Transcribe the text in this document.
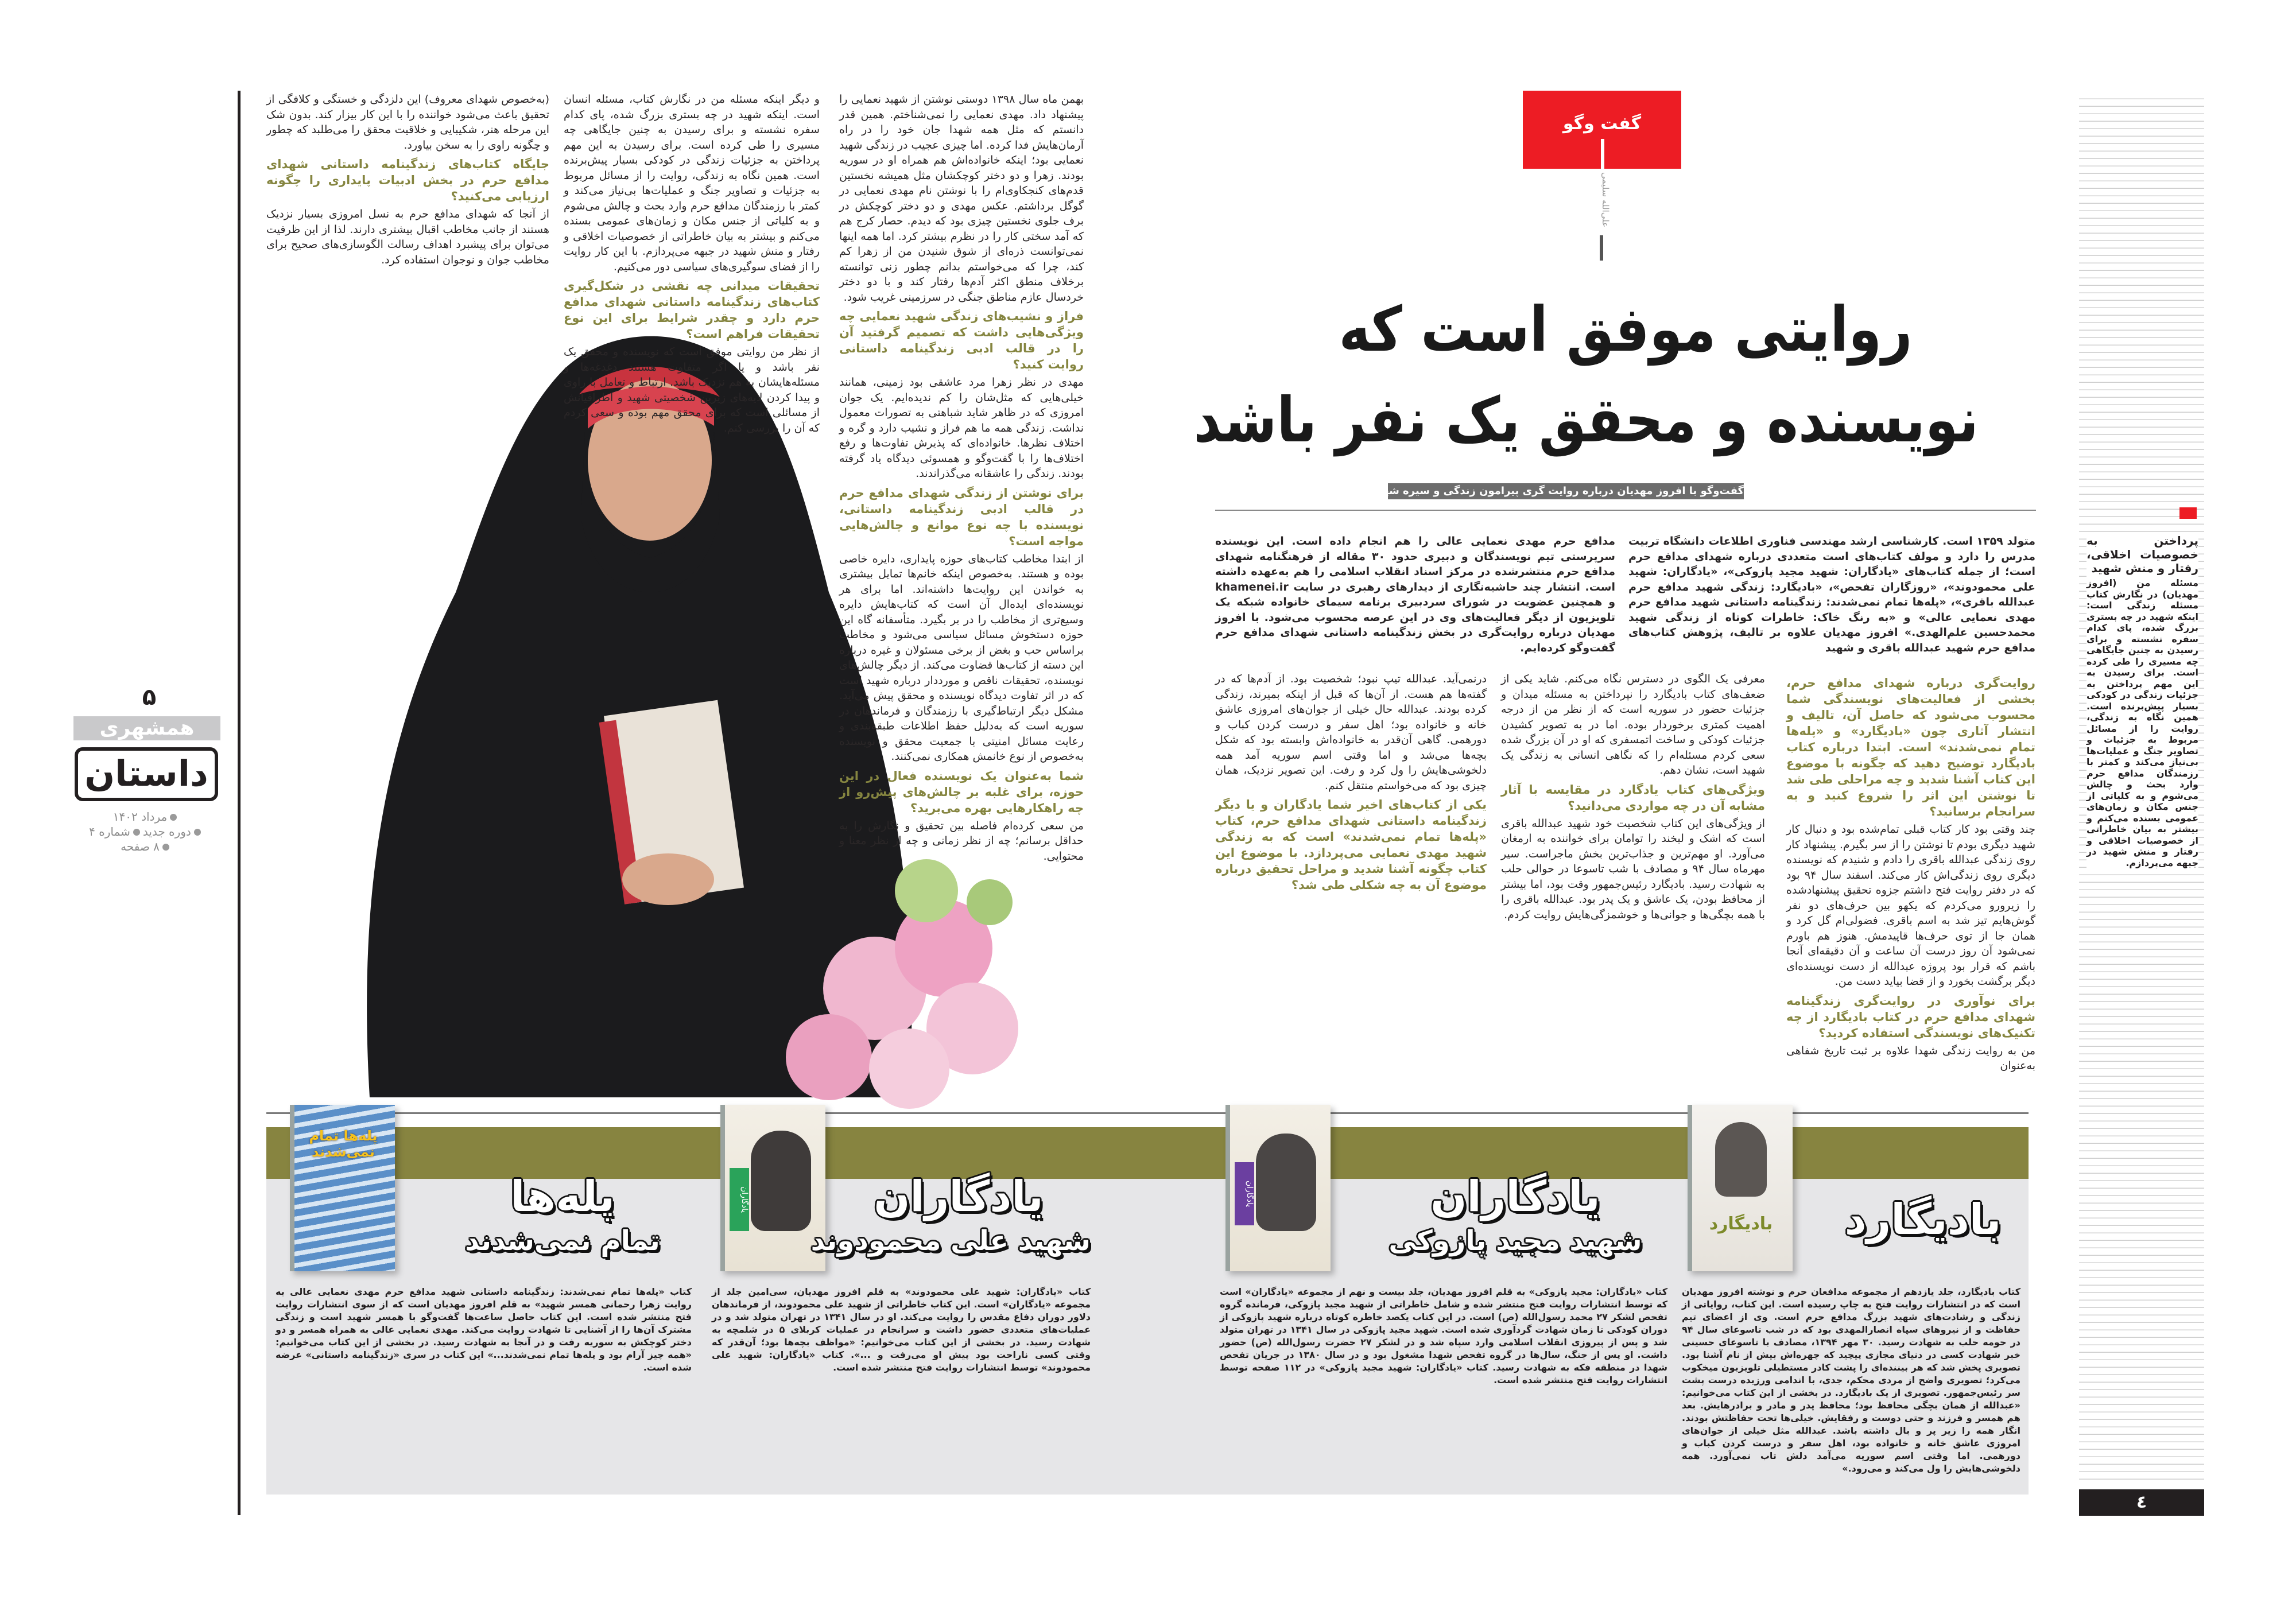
۵
همشهری
داستان
مرداد ۱۴۰۲
دوره جدیدشماره ۴
۸ صفحه
گفت وگو
علی‌الله سلیمی
روایتی موفق است که
نویسنده و محقق یک نفر باشد
گفت‌وگو با افروز مهدیان درباره روایت گری پیرامون زندگی و سیره شهدای مدافع حرم

متولد ۱۳۵۹ است. کارشناسی ارشد مهندسی فناوری اطلاعات دانشگاه تربیت مدرس را دارد و مولف کتاب‌های است متعددی درباره شهدای مدافع حرم است؛ از جمله کتاب‌های «یادگاران: شهید مجید پازوکی»، «یادگاران: شهید علی محمودوند»، «روزگاران تفحص»، «بادیگارد: زندگی شهید مدافع حرم عبدالله باقری»، «پله‌ها تمام نمی‌شدند: زندگینامه داستانی شهید مدافع حرم مهدی نعمایی عالی» و «به رنگ خاک: خاطرات کوتاه از زندگی شهید محمدحسین علم‌الهدی.» افروز مهدیان علاوه بر تالیف، پژوهش کتاب‌های مدافع حرم شهید عبدالله باقری و شهید

مدافع حرم مهدی نعمایی عالی را هم انجام داده است. این نویسنده سرپرستی تیم نویسندگان و دبیری حدود ۳۰ مقاله از فرهنگنامه شهدای مدافع حرم منتشرشده در مرکز اسناد انقلاب اسلامی را هم به‌عهده داشته است. انتشار چند حاشیه‌نگاری از دیدارهای رهبری در سایت khamenei.ir و همچنین عضویت در شورای سردبیری برنامه سیمای خانواده شبکه یک تلویزیون از دیگر فعالیت‌های وی در این عرصه محسوب می‌شود. با افروز مهدیان درباره روایت‌گری در بخش زندگینامه داستانی شهدای مدافع حرم گفت‌وگو کرده‌ایم.

روایت‌گری درباره شهدای مدافع حرم، بخشی از فعالیت‌های نویسندگی شما محسوب می‌شود که حاصل آن، تالیف و انتشار آثاری چون «بادیگارد» و «پله‌ها تمام نمی‌شدند» است. ابتدا درباره کتاب بادیگارد توضیح دهید که چگونه با موضوع این کتاب آشنا شدید و چه مراحلی طی شد تا نوشتن این اثر را شروع کنید و به سرانجام برسانید؟

چند وقتی بود کار کتاب قبلی تمام‌شده بود و دنبال کار شهید دیگری بودم تا نوشتن را از سر بگیرم. پیشنهاد کار روی زندگی عبدالله باقری را دادم و شنیدم که نویسنده دیگری روی زندگی‌اش کار می‌کند. اسفند سال ۹۴ بود که در دفتر روایت فتح داشتم جزوه تحقیق پیشنهادشده را زیرورو می‌کردم که یکهو بین حرف‌های دو نفر گوش‌هایم تیز شد به اسم باقری. فضولی‌ام گل کرد و همان جا از توی حرف‌ها قاپیدمش. هنوز هم باورم نمی‌شود آن روز درست آن ساعت و آن دقیقه‌ای آنجا باشم که قرار بود پروژه عبدالله از دست نویسنده‌ای دیگر برگشت بخورد و از قضا بیاید دست من.

برای نوآوری در روایت‌گری زندگینامه شهدای مدافع حرم در کتاب بادیگارد از چه تکنیک‌های نویسندگی استفاده کردید؟

من به روایت زندگی شهدا علاوه بر ثبت تاریخ شفاهی به‌عنوان

معرفی یک الگوی در دسترس نگاه می‌کنم. شاید یکی از ضعف‌های کتاب بادیگارد را نپرداختن به مسئله میدان و جزئیات حضور در سوریه است که از نظر من از درجه اهمیت کمتری برخوردار بوده. اما در به تصویر کشیدن جزئیات کودکی و ساخت اتمسفری که او در آن بزرگ شده سعی کردم مسئله‌ام را که نگاهی انسانی به زندگی یک شهید است، نشان دهم.

ویژگی‌های کتاب یادگارد در مقایسه با آثار مشابه آن در چه مواردی می‌دانید؟

از ویژگی‌های این کتاب شخصیت خود شهید عبدالله باقری است که اشک و لبخند را توامان برای خواننده به ارمغان می‌آورد. او مهم‌ترین و جذاب‌ترین بخش ماجراست. سیر مهرماه سال ۹۴ و مصادف با شب تاسوعا در حوالی حلب به شهادت رسید. بادیگارد رئیس‌جمهور وقت بود، اما بیشتر از محافظ بودن، یک عاشق و یک پدر بود. عبدالله باقری را با همه بچگی‌ها و جوانی‌ها و خوشمزگی‌هایش روایت کردم.

درنمی‌آید. عبدالله تیپ نبود؛ شخصیت بود. از آدم‌ها که در گفته‌ها هم هست. از آن‌ها که قبل از اینکه بمیرند، زندگی کرده بودند. عبدالله حال خیلی از جوان‌های امروزی عاشق خانه و خانواده بود؛ اهل سفر و درست کردن کباب و دورهمی. گاهی آن‌قدر به خانواده‌اش وابسته بود که شکل بچه‌ها می‌شد و اما وقتی اسم سوریه آمد همه دلخوشی‌هایش را ول کرد و رفت. این تصویر نزدیک، همان چیزی بود که می‌خواستم منتقل کنم.

یکی از کتاب‌های اخیر شما یادگاران و یا دیگر زندگینامه داستانی شهدای مدافع حرم، کتاب «پله‌ها تمام نمی‌شدند» است که به زندگی شهید مهدی نعمایی می‌پردازد. با موضوع این کتاب چگونه آشنا شدید و مراحل تحقیق درباره موضوع آن به چه شکلی طی شد؟

بهمن ماه سال ۱۳۹۸ دوستی نوشتن از شهید نعمایی را پیشنهاد داد. مهدی نعمایی را نمی‌شناختم. همین قدر دانستم که مثل همه شهدا جان خود را در راه آرمان‌هایش فدا کرده. اما چیزی عجیب در زندگی شهید نعمایی بود؛ اینکه خانواده‌اش هم همراه او در سوریه بودند. زهرا و دو دختر کوچکشان مثل همیشه نخستین قدم‌های کنجکاوی‌ام را با نوشتن نام مهدی نعمایی در گوگل برداشتم. عکس مهدی و دو دختر کوچکش در برف جلوی نخستین چیزی بود که دیدم. حصار کرج هم که آمد سختی کار را در نظرم بیشتر کرد. اما همه اینها نمی‌توانست ذره‌ای از شوق شنیدن من از زهرا کم کند، چرا که می‌خواستم بدانم چطور زنی توانسته برخلاف منطق اکثر آدم‌ها رفتار کند و با دو دختر خردسال عازم مناطق جنگی در سرزمینی غریب شود.

فراز و نشیب‌های زندگی شهید نعمایی چه ویژگی‌هایی داشت که تصمیم گرفتید آن را در قالب ادبی زندگینامه داستانی روایت کنید؟

مهدی در نظر زهرا مرد عاشقی بود زمینی، همانند خیلی‌هایی که مثل‌شان را کم ندیده‌ایم. یک جوان امروزی که در ظاهر شاید شباهتی به تصورات معمول نداشت. زندگی همه ما هم فراز و نشیب دارد و گره و اختلاف نظرها. خانواده‌ای که پذیرش تفاوت‌ها و رفع اختلاف‌ها را با گفت‌وگو و همسوئی دیدگاه یاد گرفته بودند. زندگی را عاشقانه می‌گذراندند.

برای نوشتن از زندگی شهدای مدافع حرم در قالب ادبی زندگینامه داستانی، نویسنده با چه نوع موانع و چالش‌هایی مواجه است؟

از ابتدا مخاطب کتاب‌های حوزه پایداری، دایره خاصی بوده و هستند. به‌خصوص اینکه خانم‌ها تمایل بیشتری به خواندن این روایت‌ها داشته‌اند. اما برای هر نویسنده‌ای ایده‌ال آن است که کتاب‌هایش دایره وسیع‌تری از مخاطب را در بر بگیرد. متأسفانه گاه این حوزه دستخوش مسائل سیاسی می‌شود و مخاطب براساس حب و بغض از برخی مسئولان و غیره درباره این دسته از کتاب‌ها قضاوت می‌کند. از دیگر چالش‌های نویسنده، تحقیقات ناقص و مورددار درباره شهید است که در اثر تفاوت دیدگاه نویسنده و محقق پیش می‌آید. مشکل دیگر ارتباط‌گیری با رزمندگان و فرماندهان در سوریه است که به‌دلیل حفظ اطلاعات طبقه‌بندی و رعایت مسائل امنیتی با جمعیت محقق و نویسنده به‌خصوص از نوع خانمش همکاری نمی‌کنند.

شما به‌عنوان یک نویسنده فعال در این حوزه، برای غلبه بر چالش‌های پیش‌رو از چه راهکارهایی بهره می‌برید؟

من سعی کرده‌ام فاصله بین تحقیق و نگارش را به حداقل برسانم؛ چه از نظر زمانی و چه از نظر معنا و محتوایی.

و دیگر اینکه مسئله من در نگارش کتاب، مسئله انسان است. اینکه شهید در چه بستری بزرگ شده، پای کدام سفره نشسته و برای رسیدن به چنین جایگاهی چه مسیری را طی کرده است. برای رسیدن به این مهم پرداختن به جزئیات زندگی در کودکی بسیار پیش‌برنده است. همین نگاه به زندگی، روایت را از مسائل مربوط به جزئیات و تصاویر جنگ و عملیات‌ها بی‌نیاز می‌کند و کمتر با رزمندگان مدافع حرم وارد بحث و چالش می‌شوم و به کلیاتی از جنس مکان و زمان‌های عمومی بسنده می‌کنم و بیشتر به بیان خاطراتی از خصوصیات اخلاقی و رفتار و منش شهید در جبهه می‌پردازم. با این کار روایت را از فضای سوگیری‌های سیاسی دور می‌کنیم.

تحقیقات میدانی چه نقشی در شکل‌گیری کتاب‌های زندگینامه داستانی شهدای مدافع حرم دارد و چقدر شرایط برای این نوع تحقیقات فراهم است؟

از نظر من روایتی موفق است که نویسنده و محقق یک نفر باشد و یا اگر متفاوت هستند دغدغه‌ها و مسئله‌هایشان به هم نزدیک باشد. ارتباط و تعامل با راوی و پیدا کردن لایه‌های زیرین شخصیتی شهید و اطرافیانش از مسائلی است که برای محقق مهم بوده و سعی کردم که آن را بررسی کنم.

(به‌خصوص شهدای معروف) این دلزدگی و خستگی و کلافگی از تحقیق باعث می‌شود خواننده را با این کار بیزار کند. بدون شک این مرحله هنر، شکیبایی و خلاقیت محقق را می‌طلبد که چطور و چگونه راوی را به سخن بیاورد.

جایگاه کتاب‌های زندگینامه داستانی شهدای مدافع حرم در بخش ادبیات پایداری را چگونه ارزیابی می‌کنید؟

از آنجا که شهدای مدافع حرم به نسل امروزی بسیار نزدیک هستند از جانب مخاطب اقبال بیشتری دارند. لذا از این ظرفیت می‌توان برای پیشبرد اهداف رسالت الگوسازی‌های صحیح برای مخاطب جوان و نوجوان استفاده کرد.

پرداختن به خصوصیات اخلاقی، رفتار و منش شهید
مسئله من (افروز مهدیان) در نگارش کتاب مسئله زندگی است: اینکه شهید در چه بستری بزرگ شده، پای کدام سفره نشسته و برای رسیدن به چنین جایگاهی چه مسیری را طی کرده است. برای رسیدن به این مهم پرداختن به جزئیات زندگی در کودکی بسیار پیش‌برنده است. همین نگاه به زندگی، روایت را از مسائل مربوط به جزئیات و تصاویر جنگ و عملیات‌ها بی‌نیاز می‌کند و کمتر با رزمندگان مدافع حرم وارد بحث و چالش می‌شوم و به کلیاتی از جنس مکان و زمان‌های عمومی بسنده می‌کنم و بیشتر به بیان خاطراتی از خصوصیات اخلاقی و رفتار و منش شهید در جبهه می‌پردازم.
٤
بادیگارد	بادیگارد
کتاب بادیگارد، جلد یازدهم از مجموعه مدافعان حرم و نوشته افروز مهدیان است که در انتشارات روایت فتح به چاپ رسیده است. این کتاب، روایاتی از زندگی و رشادت‌های شهید بزرگ مدافع حرم است. وی از اعضای تیم حفاظت و از نیروهای سپاه انصارالمهدی بود که در شب تاسوعای سال ۹۴ در حومه حلب به شهادت رسید. ۳۰ مهر ۱۳۹۴، مصادف با تاسوعای حسینی خبر شهادت کسی در دنیای مجازی پیچید که چهره‌اش بیش از نام آشنا بود. تصویری پخش شد که هر بیننده‌ای را پشت کادر مستطیلی تلویزیون میخکوب می‌کرد؛ تصویری واضح از مردی محکم، جدی، با اندامی ورزیده درست پشت سر رئیس‌جمهور. تصویری از یک بادیگارد. در بخشی از این کتاب می‌خوانیم: «عبدالله از همان بچگی محافظ بود؛ محافظ پدر و مادر و برادرهایش. بعد هم همسر و فرزند و حتی دوست و رفقایش. خیلی‌ها تحت حفاظتش بودند. انگار همه را زیر پر و بال داشته باشد. عبدالله مثل خیلی از جوان‌های امروزی عاشق خانه و خانواده بود، اهل سفر و درست کردن کباب و دورهمی. اما وقتی اسم سوریه می‌آمد دلش تاب نمی‌آورد. همه دلخوشی‌هایش را ول می‌کند و می‌رود.»
یادگاران	یادگاران
شهید مجید پازوکی
کتاب «یادگاران: مجید پازوکی» به قلم افروز مهدیان، جلد بیست و نهم از مجموعه «یادگاران» است که توسط انتشارات روایت فتح منتشر شده و شامل خاطراتی از شهید مجید پازوکی، فرمانده گروه تفحص لشکر ۲۷ محمد رسول‌الله (ص) است. در این کتاب یکصد خاطره کوتاه درباره شهید پازوکی از دوران کودکی تا زمان شهادت گردآوری شده است. شهید مجید پازوکی در سال ۱۳۴۱ در تهران متولد شد و پس از پیروزی انقلاب اسلامی وارد سپاه شد و در لشکر ۲۷ حضرت رسول‌الله (ص) حضور داشت. او پس از جنگ، سال‌ها در گروه تفحص شهدا مشغول بود و در سال ۱۳۸۰ در جریان تفحص شهدا در منطقه فکه به شهادت رسید. کتاب «یادگاران: شهید مجید پازوکی» در ۱۱۲ صفحه توسط انتشارات روایت فتح منتشر شده است.
یادگاران	یادگاران
شهید علی محمودوند
کتاب «یادگاران: شهید علی محمودوند» به قلم افروز مهدیان، سی‌امین جلد از مجموعه «یادگاران» است. این کتاب خاطراتی از شهید علی محمودوند، از فرماندهان دلاور دوران دفاع مقدس را روایت می‌کند. او در سال ۱۳۴۱ در تهران متولد شد و در عملیات‌های متعددی حضور داشت و سرانجام در عملیات کربلای ۵ در شلمچه به شهادت رسید. در بخشی از این کتاب می‌خوانیم: «مواظف بچه‌ها بود؛ آن‌قدر که وقتی کسی ناراحت بود پیش او می‌رفت و ...». کتاب «یادگاران: شهید علی محمودوند» توسط انتشارات روایت فتح منتشر شده است.
پله‌ها تمام نمی‌شدند
پله‌ها
تمام نمی‌شدند
کتاب «پله‌ها تمام نمی‌شدند: زندگینامه داستانی شهید مدافع حرم مهدی نعمایی عالی به روایت زهرا رحمانی همسر شهید» به قلم افروز مهدیان است که از سوی انتشارات روایت فتح منتشر شده است. این کتاب حاصل ساعت‌ها گفت‌وگو با همسر شهید است و زندگی مشترک آن‌ها را از آشنایی تا شهادت روایت می‌کند. مهدی نعمایی عالی به همراه همسر و دو دختر کوچکش به سوریه رفت و در آنجا به شهادت رسید. در بخشی از این کتاب می‌خوانیم: «همه چیز آرام بود و پله‌ها تمام نمی‌شدند...» این کتاب در سری «زندگینامه داستانی» عرضه شده است.
